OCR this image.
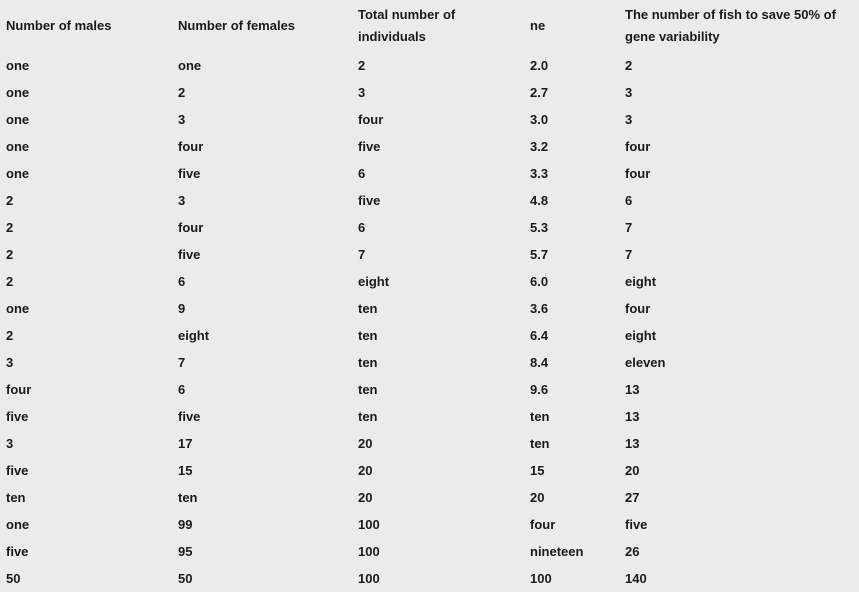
Number of males	Number of females	Total number of individuals	ne	The number of fish to save 50% of gene variability
one	one	2	2.0	2
one	2	3	2.7	3
one	3	four	3.0	3
one	four	five	3.2	four
one	five	6	3.3	four
2	3	five	4.8	6
2	four	6	5.3	7
2	five	7	5.7	7
2	6	eight	6.0	eight
one	9	ten	3.6	four
2	eight	ten	6.4	eight
3	7	ten	8.4	eleven
four	6	ten	9.6	13
five	five	ten	ten	13
3	17	20	ten	13
five	15	20	15	20
ten	ten	20	20	27
one	99	100	four	five
five	95	100	nineteen	26
50	50	100	100	140
